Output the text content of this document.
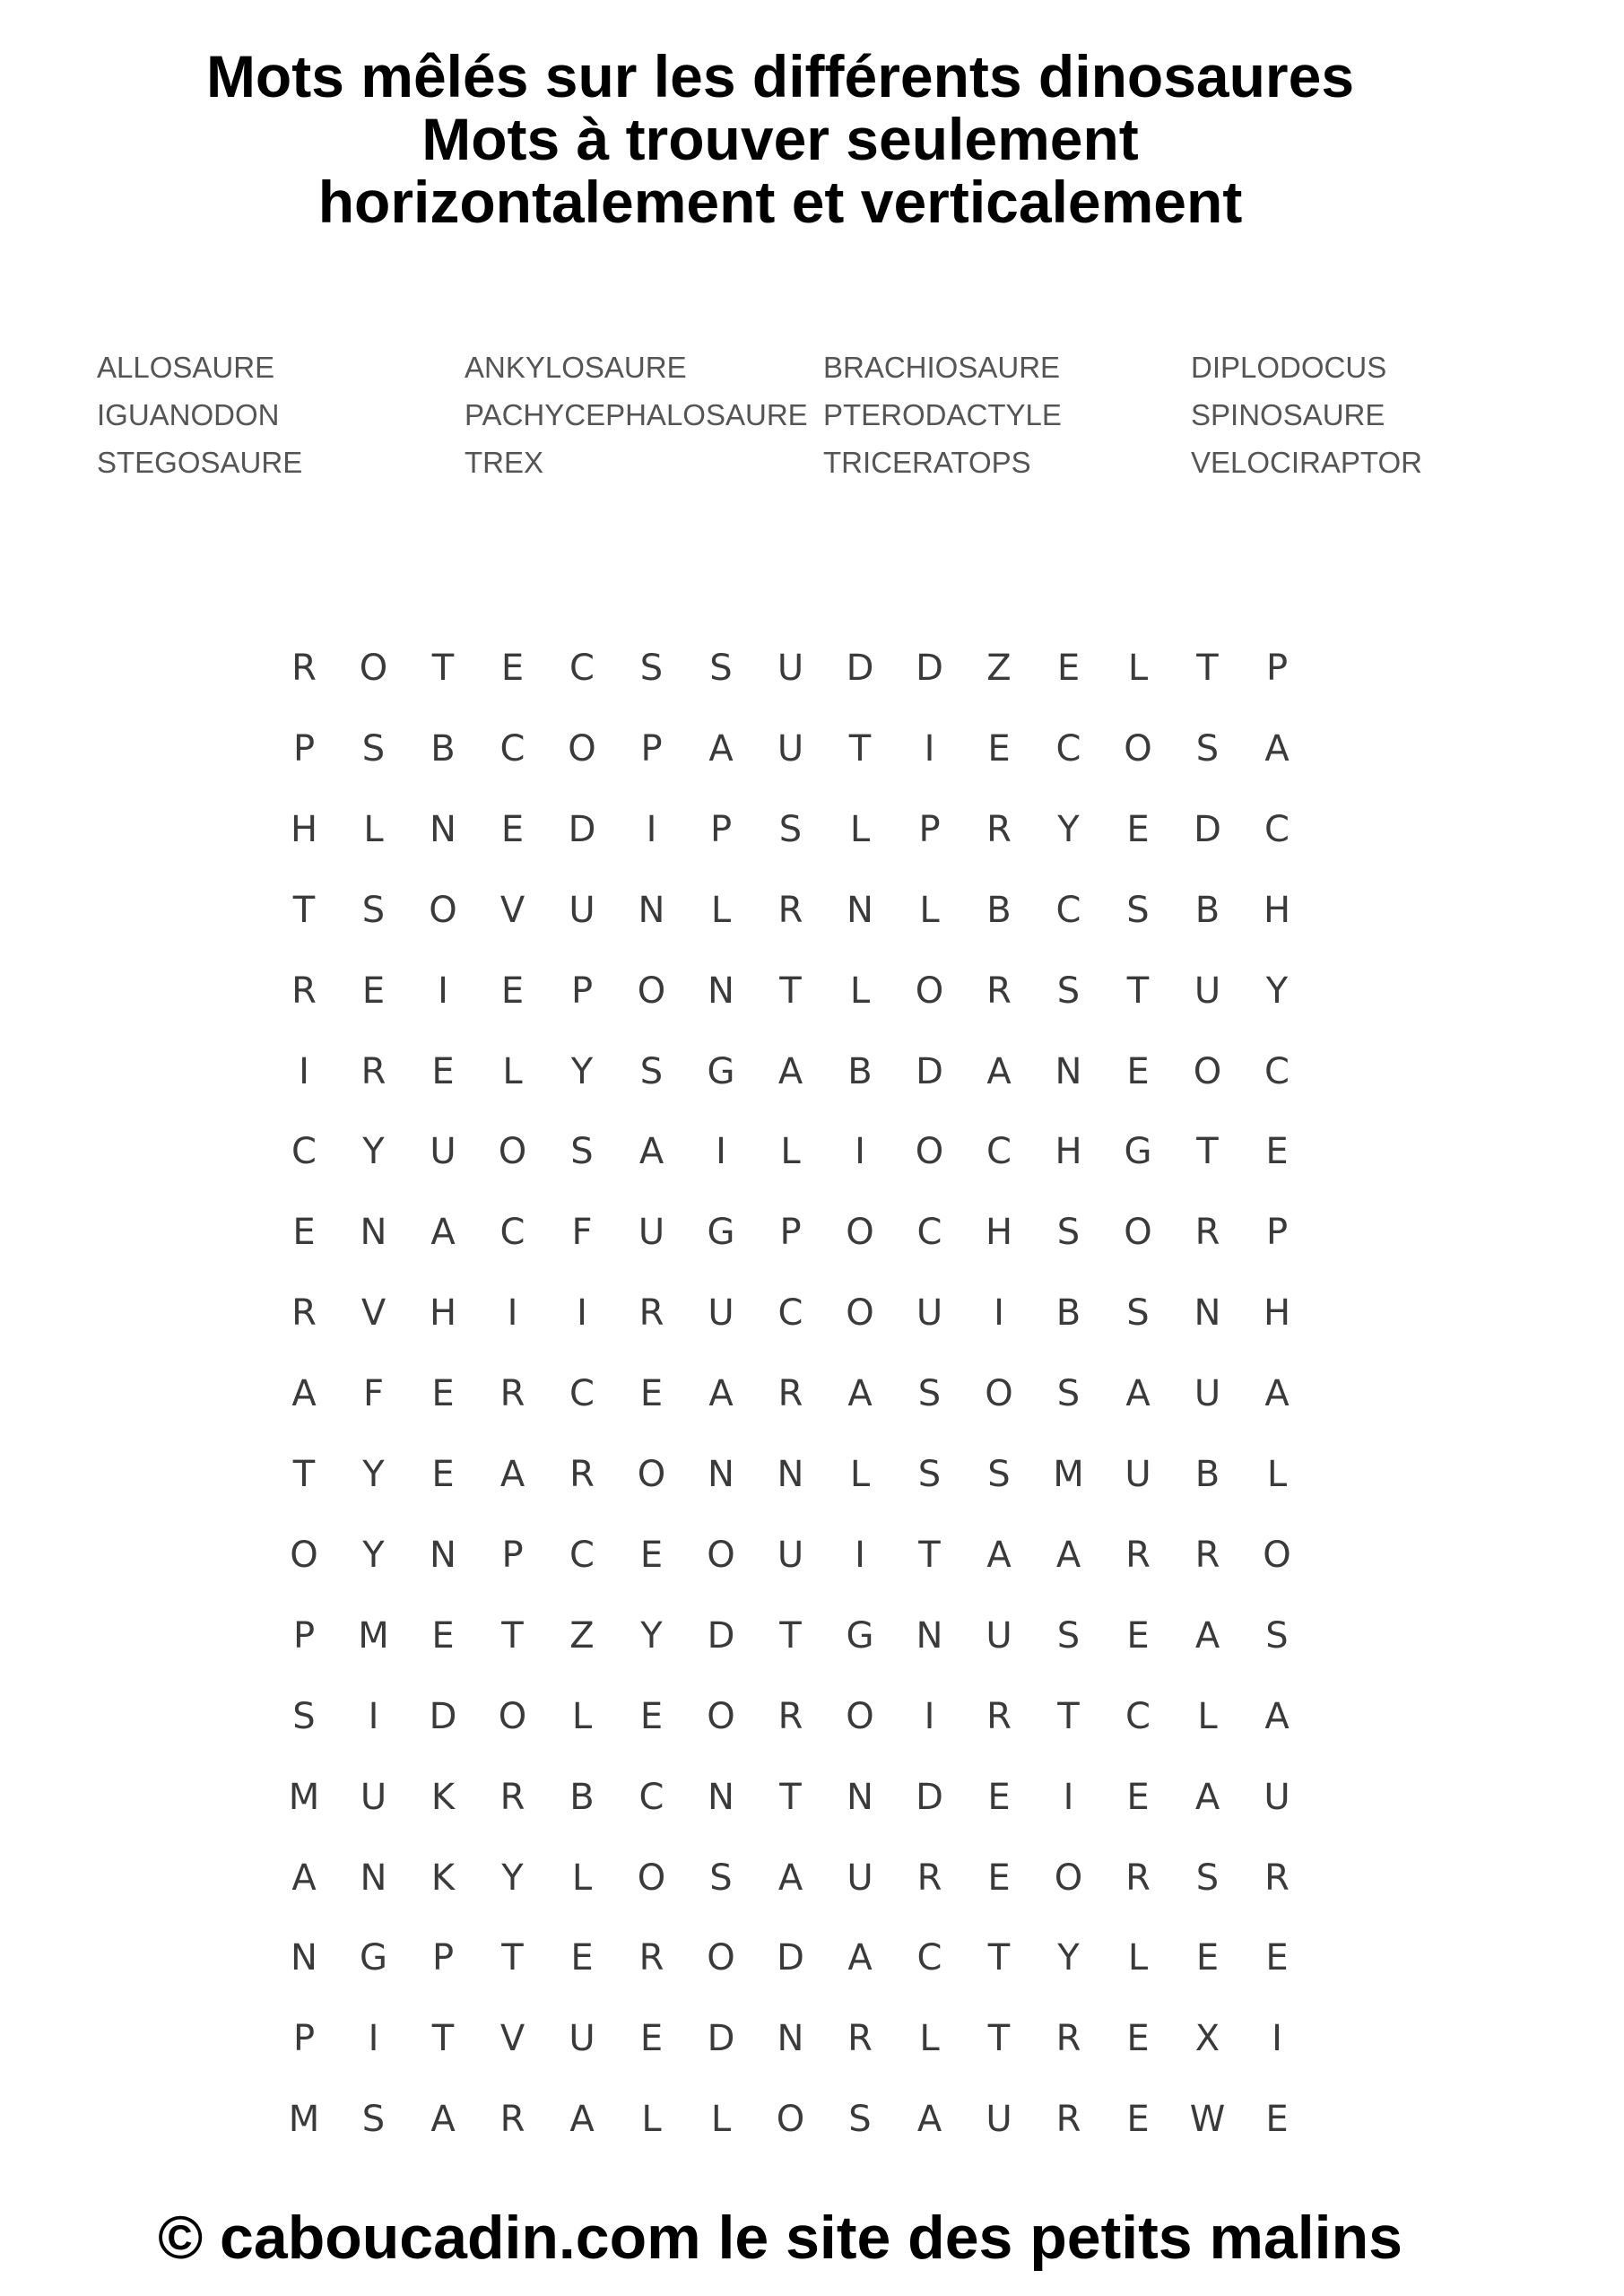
Mots mêlés sur les différents dinosaures
Mots à trouver seulement
horizontalement et verticalement
ALLOSAURE	ANKYLOSAURE	BRACHIOSAURE	DIPLODOCUS
IGUANODON	PACHYCEPHALOSAURE PTERODACTYLE	SPINOSAURE
STEGOSAURE	TREX	TRICERATOPS	VELOCIRAPTOR
R	O	T	E	C	S	S	U	D	D	Z	E	L	T	P
P	S	B	C	O	P	A	U	T	I	E	C	O	S	A
H	L	N	E	D	I	P	S	L	P	R	Y	E	D	C
T	S	O	V	U	N	L	R	N	L	B	C	S	B	H
R	E	I	E	P	O	N	T	L	O	R	S	T	U	Y
I	R	E	L	Y	S	G	A	B	D	A	N	E	O	C
C	Y	U	O	S	A	I	L	I	O	C	H	G	T	E
E	N	A	C	F	U	G	P	O	C	H	S	O	R	P
R	V	H	I	I	R	U	C	O	U	I	B	S	N	H
A	F	E	R	C	E	A	R	A	S	O	S	A	U	A
T	Y	E	A	R	O	N	N	L	S	S	M	U	B	L
O	Y	N	P	C	E	O	U	I	T	A	A	R	R	O
P	M	E	T	Z	Y	D	T	G	N	U	S	E	A	S
S	I	D	O	L	E	O	R	O	I	R	T	C	L	A
M	U	K	R	B	C	N	T	N	D	E	I	E	A	U
A	N	K	Y	L	O	S	A	U	R	E	O	R	S	R
N	G	P	T	E	R	O	D	A	C	T	Y	L	E	E
P	I	T	V	U	E	D	N	R	L	T	R	E	X	I
M	S	A	R	A	L	L	O	S	A	U	R	E	W	E
© caboucadin.com le site des petits malins
